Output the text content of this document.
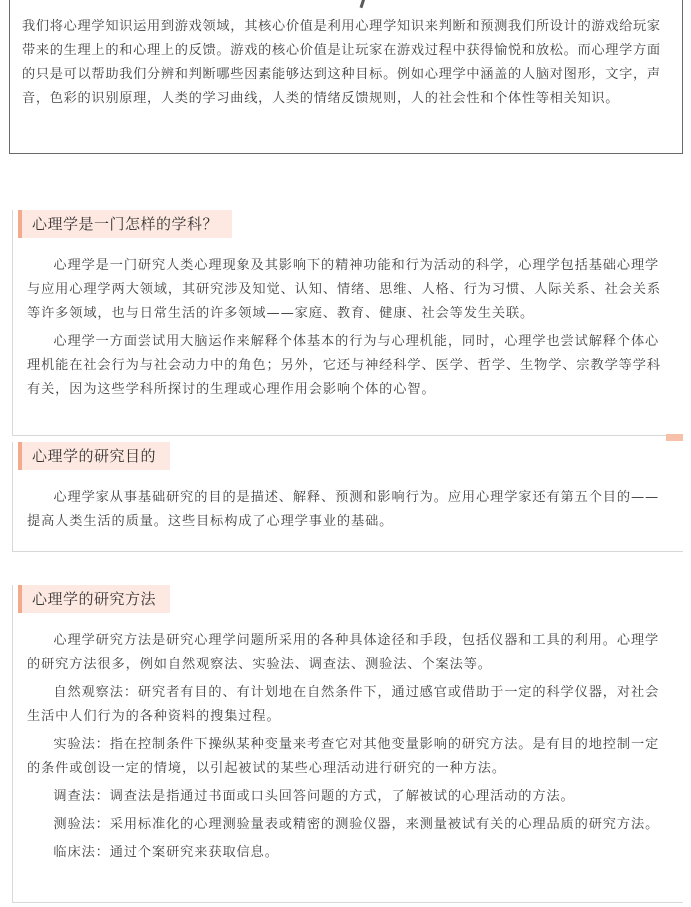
我们将心理学知识运用到游戏领域，其核心价值是利用心理学知识来判断和预测我们所设计的游戏给玩家带来的生理上的和心理上的反馈。游戏的核心价值是让玩家在游戏过程中获得愉悦和放松。而心理学方面的只是可以帮助我们分辨和判断哪些因素能够达到这种目标。例如心理学中涵盖的人脑对图形，文字，声音，色彩的识别原理，人类的学习曲线，人类的情绪反馈规则，人的社会性和个体性等相关知识。

心理学是一门怎样的学科？

心理学是一门研究人类心理现象及其影响下的精神功能和行为活动的科学，心理学包括基础心理学与应用心理学两大领域，其研究涉及知觉、认知、情绪、思维、人格、行为习惯、人际关系、社会关系等许多领域，也与日常生活的许多领域——家庭、教育、健康、社会等发生关联。

心理学一方面尝试用大脑运作来解释个体基本的行为与心理机能，同时，心理学也尝试解释个体心理机能在社会行为与社会动力中的角色；另外，它还与神经科学、医学、哲学、生物学、宗教学等学科有关，因为这些学科所探讨的生理或心理作用会影响个体的心智。

心理学的研究目的

心理学家从事基础研究的目的是描述、解释、预测和影响行为。应用心理学家还有第五个目的——提高人类生活的质量。这些目标构成了心理学事业的基础。

心理学的研究方法

心理学研究方法是研究心理学问题所采用的各种具体途径和手段，包括仪器和工具的利用。心理学的研究方法很多，例如自然观察法、实验法、调查法、测验法、个案法等。

自然观察法：研究者有目的、有计划地在自然条件下，通过感官或借助于一定的科学仪器，对社会生活中人们行为的各种资料的搜集过程。

实验法：指在控制条件下操纵某种变量来考查它对其他变量影响的研究方法。是有目的地控制一定的条件或创设一定的情境，以引起被试的某些心理活动进行研究的一种方法。

调查法：调查法是指通过书面或口头回答问题的方式，了解被试的心理活动的方法。

测验法：采用标准化的心理测验量表或精密的测验仪器，来测量被试有关的心理品质的研究方法。

临床法：通过个案研究来获取信息。
